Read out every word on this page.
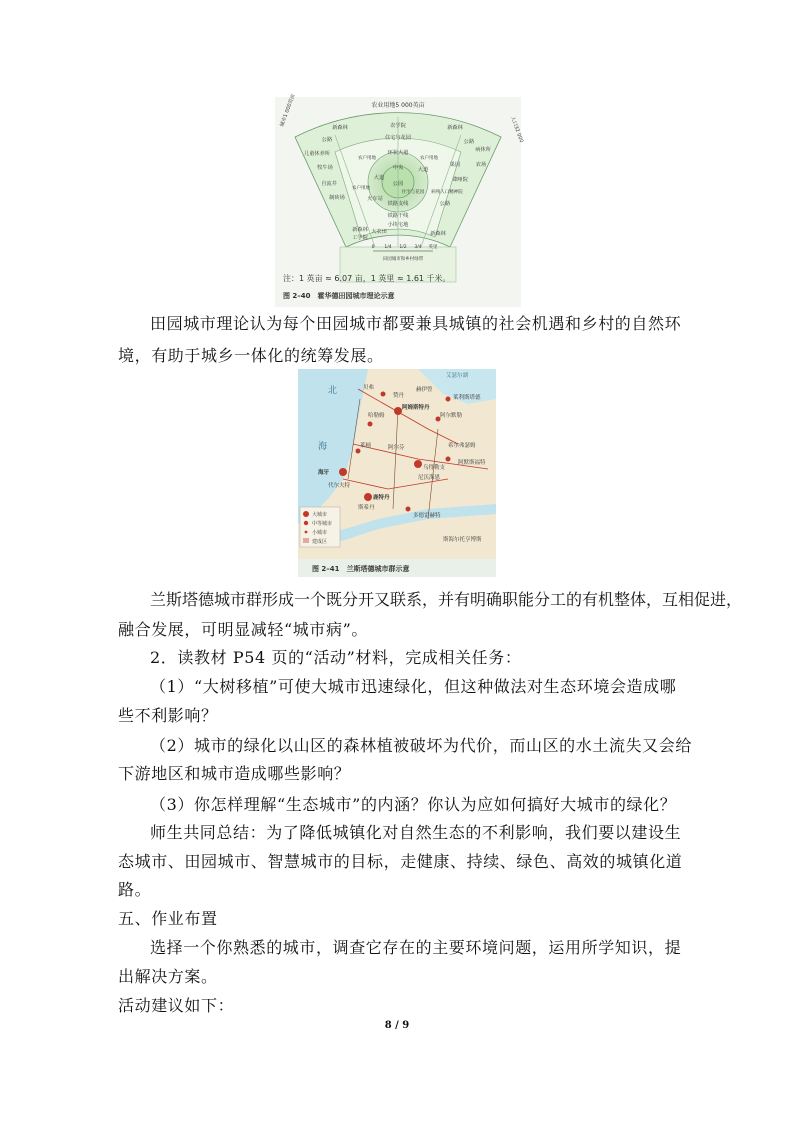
农业用地5 000英亩
城市1 000英亩
人口32 000
新森林	农学院	新森林
公路	住宅与花园
公路
病休所
儿童休养所
农户用地
环状大道
农户用地
果园	农场
牧牛场	中央
大道
公园
大道
聋哑院
自流井
制砖场	火车站
铁路支线
农户用地
住宅与花园 病残人口精神院
公路
铁路干线
小块宅地
新森林
工学院
大农田	新森林
0 1/4 1/2 3/4 英里
田园城市和乡村绿带
注：1 英亩 ≈ 6.07 亩，1 英里 ≈ 1.61 千米。
图 2–40　霍华德田园城市理论示意
田园城市理论认为每个田园城市都要兼具城镇的社会机遇和乡村的自然环
境，有助于城乡一体化的统筹发展。
北
海
艾瑟尔湖
莱利斯塔德
阿姆斯特丹
哈勒姆	阿尔默勒
希尔弗瑟姆
阿默斯福特
乌得勒支
海牙
代尔夫特
鹿特丹
斯希丹
尼沃海恩
多德雷赫特
阿尔芬
莱顿
贝弗
赞丹
赫伊曾
斯海尔托亨博斯
大城市
中等城市
小城市
建成区
图 2–41　兰斯塔德城市群示意
兰斯塔德城市群形成一个既分开又联系，并有明确职能分工的有机整体，互相促进，
融合发展，可明显减轻“城市病”。
2．读教材 P54 页的“活动”材料，完成相关任务：
（1）“大树移植”可使大城市迅速绿化，但这种做法对生态环境会造成哪
些不利影响？
（2）城市的绿化以山区的森林植被破坏为代价，而山区的水土流失又会给
下游地区和城市造成哪些影响？
（3）你怎样理解“生态城市”的内涵？你认为应如何搞好大城市的绿化？
师生共同总结：为了降低城镇化对自然生态的不利影响，我们要以建设生
态城市、田园城市、智慧城市的目标，走健康、持续、绿色、高效的城镇化道
路。
五、作业布置
选择一个你熟悉的城市，调查它存在的主要环境问题，运用所学知识，提
出解决方案。
活动建议如下：
8 / 9
